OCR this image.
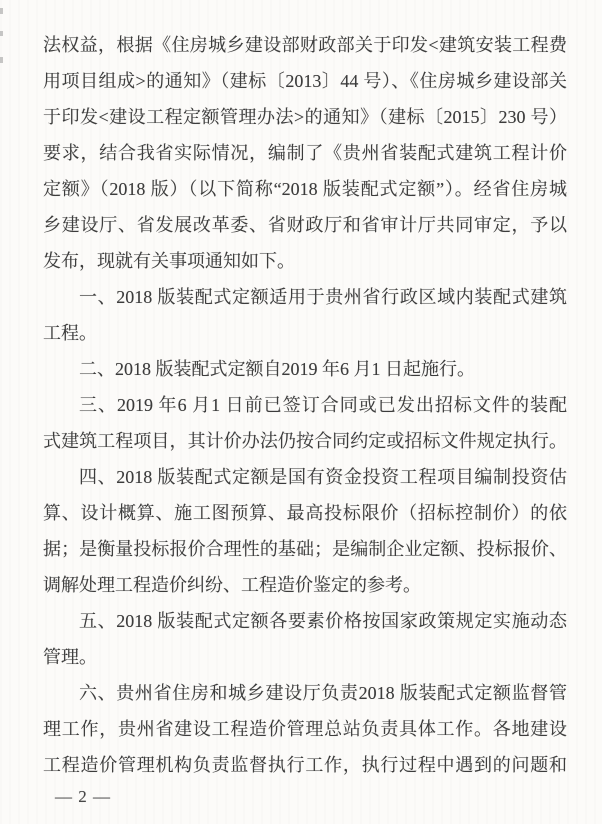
法权益，根据《住房城乡建设部财政部关于印发<建筑安装工程费

用项目组成>的通知》（建标〔2013〕44 号）、《住房城乡建设部关

于印发<建设工程定额管理办法>的通知》（建标〔2015〕230 号）

要求，结合我省实际情况，编制了《贵州省装配式建筑工程计价

定额》（2018 版）（以下简称“2018 版装配式定额”）。经省住房城

乡建设厅、省发展改革委、省财政厅和省审计厅共同审定，予以

发布，现就有关事项通知如下。

一、2018 版装配式定额适用于贵州省行政区域内装配式建筑

工程。

二、2018 版装配式定额自2019 年6 月1 日起施行。

三、2019 年6 月1 日前已签订合同或已发出招标文件的装配

式建筑工程项目，其计价办法仍按合同约定或招标文件规定执行。

四、2018 版装配式定额是国有资金投资工程项目编制投资估

算、设计概算、施工图预算、最高投标限价（招标控制价）的依

据；是衡量投标报价合理性的基础；是编制企业定额、投标报价、

调解处理工程造价纠纷、工程造价鉴定的参考。

五、2018 版装配式定额各要素价格按国家政策规定实施动态

管理。

六、贵州省住房和城乡建设厅负责2018 版装配式定额监督管

理工作，贵州省建设工程造价管理总站负责具体工作。各地建设

工程造价管理机构负责监督执行工作，执行过程中遇到的问题和

— 2 —
